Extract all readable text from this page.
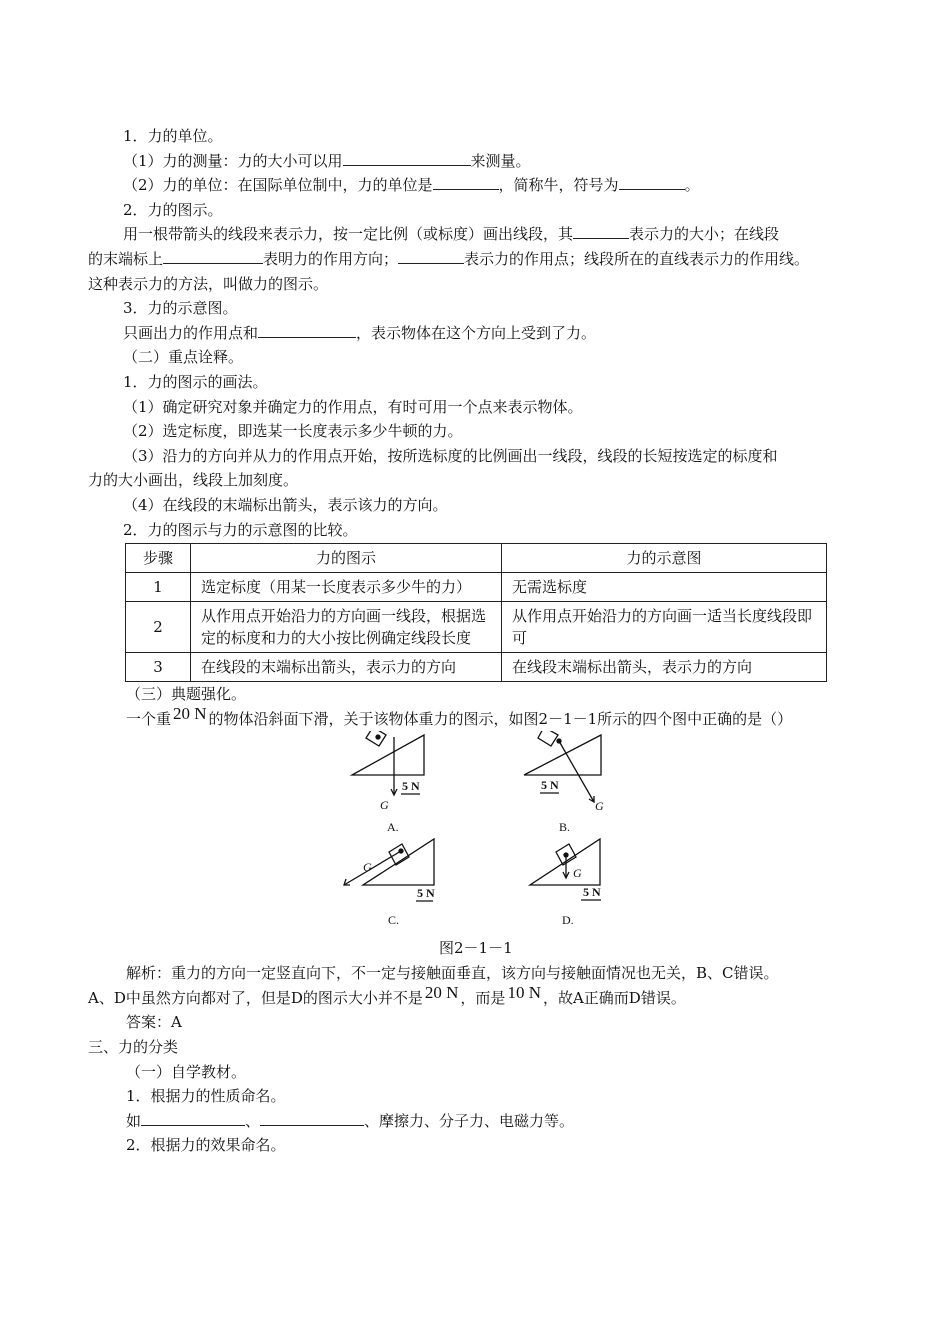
1．力的单位。
（1）力的测量：力的大小可以用	来测量。
（2）力的单位：在国际单位制中，力的单位是	，简称牛，符号为	。
2．力的图示。
用一根带箭头的线段来表示力，按一定比例（或标度）画出线段，其	表示力的大小；在线段
的末端标上	表明力的作用方向；	表示力的作用点；线段所在的直线表示力的作用线。
这种表示力的方法，叫做力的图示。
3．力的示意图。
只画出力的作用点和	，表示物体在这个方向上受到了力。
（二）重点诠释。
1．力的图示的画法。
（1）确定研究对象并确定力的作用点，有时可用一个点来表示物体。
（2）选定标度，即选某一长度表示多少牛顿的力。
（3）沿力的方向并从力的作用点开始，按所选标度的比例画出一线段，线段的长短按选定的标度和
力的大小画出，线段上加刻度。
（4）在线段的末端标出箭头，表示该力的方向。
2．力的图示与力的示意图的比较。
步骤	力的图示	力的示意图
1	选定标度（用某一长度表示多少牛的力）	无需选标度
2	从作用点开始沿力的方向画一线段，根据选定的标度和力的大小按比例确定线段长度	从作用点开始沿力的方向画一适当长度线段即可
3	在线段的末端标出箭头，表示力的方向	在线段末端标出箭头，表示力的方向
（三）典题强化。
一个重 20 N 的物体沿斜面下滑，关于该物体重力的图示，如图2－1－1所示的四个图中正确的是（）
5 N
G
A.
5 N
G
B.
G
5 N
C.
G
5 N
D.
图2－1－1
解析：重力的方向一定竖直向下，不一定与接触面垂直，该方向与接触面情况也无关，B、C错误。
A、D中虽然方向都对了，但是D的图示大小并不是 20 N ，而是 10 N ，故A正确而D错误。
答案：A
三、力的分类
（一）自学教材。
1．根据力的性质命名。
如	、	、摩擦力、分子力、电磁力等。
2．根据力的效果命名。
